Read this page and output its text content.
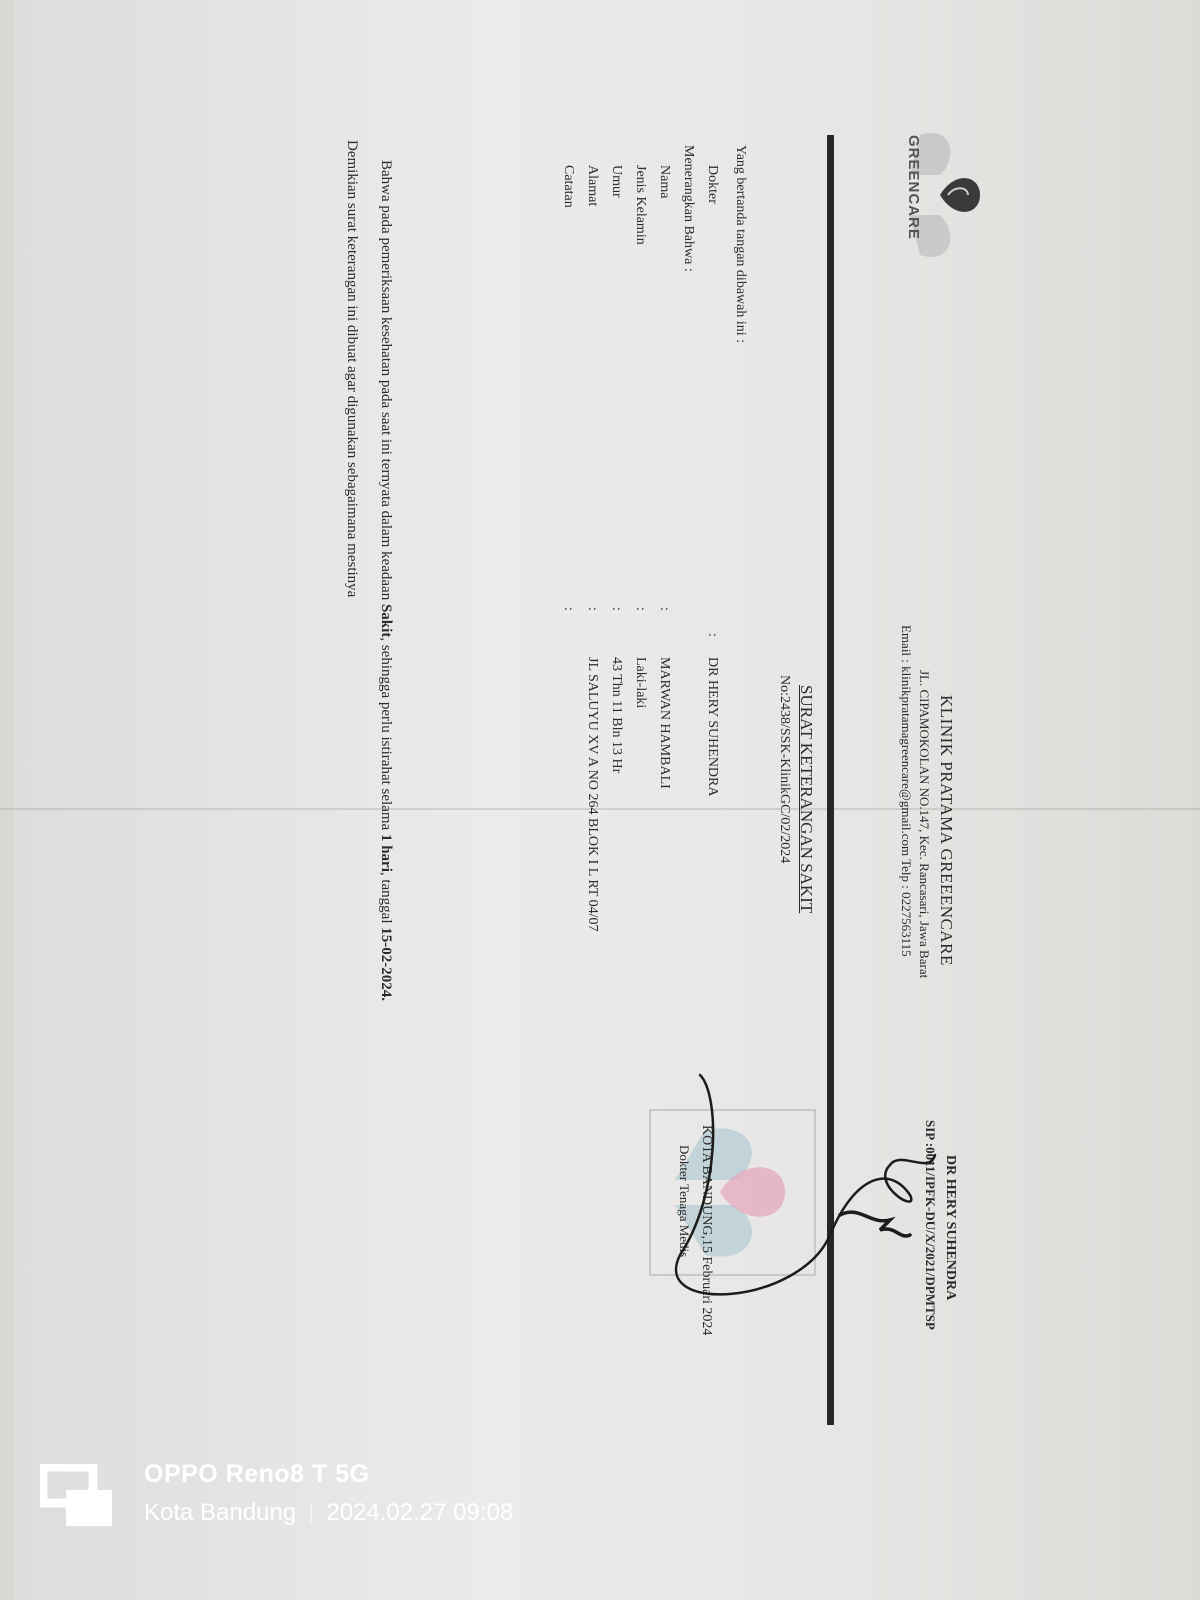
GREENCARE
KLINIK PRATAMA GREEENCARE
JL. CIPAMOKOLAN NO.147, Kec. Rancasari, Jawa Barat
Email : klinikpratamagreencare@gmail.com Telp : 0227563115
SURAT KETERANGAN SAKIT
No:2438/SSK-KlinikGC/02/2024
Yang bertanda tangan dibawah ini :
Dokter
:
DR HERY SUHENDRA
Menerangkan Bahwa :
Nama
:
MARWAN HAMBALI
Jenis Kelamin
:
Laki-laki
Umur
:
43 Thn 11 Bln 13 Hr
Alamat
:
JL SALUYU XV A NO 264 BLOK I L RT 04/07
Catatan
:
Bahwa pada pemeriksaan kesehatan pada saat ini ternyata dalam keadaan Sakit, sehingga perlu istirahat selama 1 hari, tanggal 15-02-2024.
Demikian surat keterangan ini dibuat agar digunakan sebagaimana mestinya
KOTA BANDUNG,15 Februari 2024
Dokter Tenaga Medis	DR HERY SUHENDRA
SIP :0011/IPFK-DU/X/2021/DPMTSP
OPPO Reno8 T 5G
Kota Bandung | 2024.02.27 09:08
